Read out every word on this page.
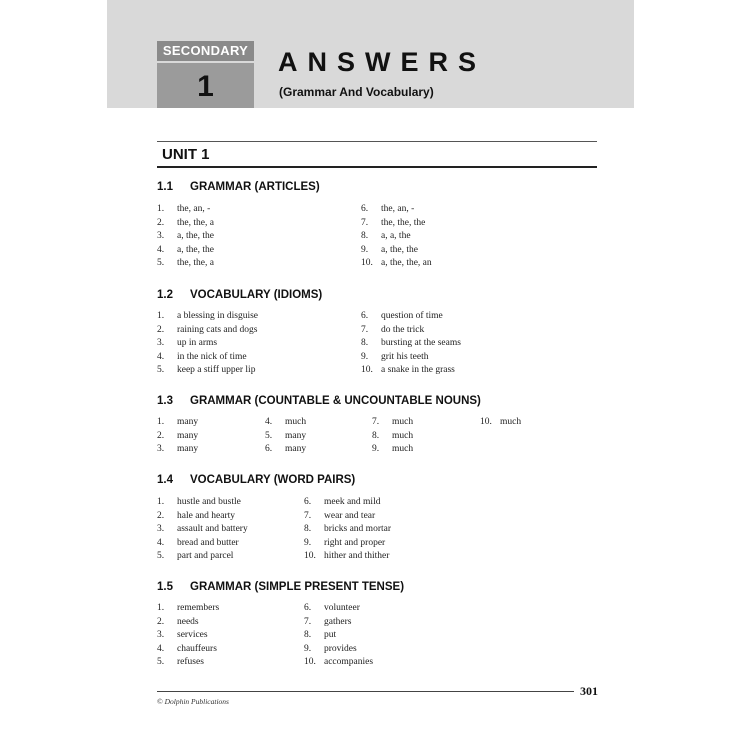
SECONDARY
1
ANSWERS
(Grammar And Vocabulary)
UNIT 1
1.1 GRAMMAR (ARTICLES)
1. the, an, -
2. the, the, a
3. a, the, the
4. a, the, the
5. the, the, a
6. the, an, -
7. the, the, the
8. a, a, the
9. a, the, the
10. a, the, the, an
1.2 VOCABULARY (IDIOMS)
1. a blessing in disguise
2. raining cats and dogs
3. up in arms
4. in the nick of time
5. keep a stiff upper lip
6. question of time
7. do the trick
8. bursting at the seams
9. grit his teeth
10. a snake in the grass
1.3 GRAMMAR (COUNTABLE & UNCOUNTABLE NOUNS)
1. many
2. many
3. many
4. much
5. many
6. many
7. much
8. much
9. much
10. much
1.4 VOCABULARY (WORD PAIRS)
1. hustle and bustle
2. hale and hearty
3. assault and battery
4. bread and butter
5. part and parcel
6. meek and mild
7. wear and tear
8. bricks and mortar
9. right and proper
10. hither and thither
1.5 GRAMMAR (SIMPLE PRESENT TENSE)
1. remembers
2. needs
3. services
4. chauffeurs
5. refuses
6. volunteer
7. gathers
8. put
9. provides
10. accompanies
301
© Dolphin Publications
